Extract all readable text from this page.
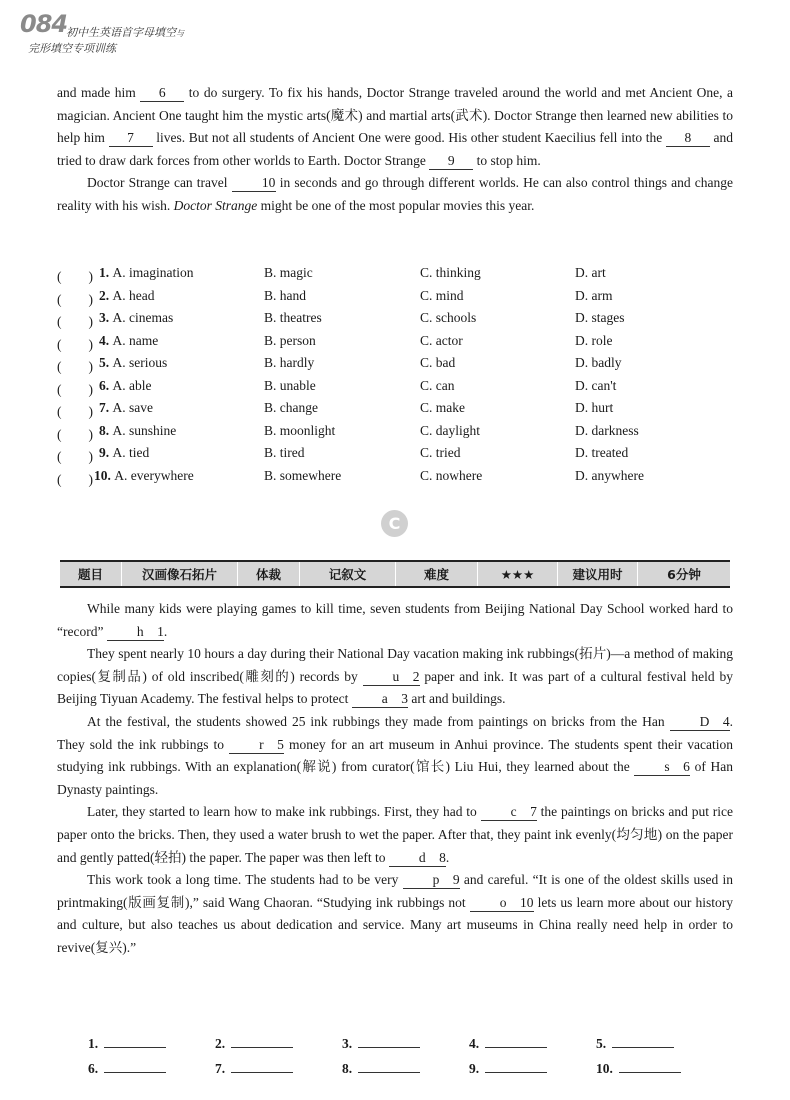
084
初中生英语首字母填空与
完形填空专项训练

and made him 6 to do surgery. To fix his hands, Doctor Strange traveled around the world and met Ancient One, a magician. Ancient One taught him the mystic arts(魔术) and martial arts(武术). Doctor Strange then learned new abilities to help him 7 lives. But not all students of Ancient One were good. His other student Kaecilius fell into the 8 and tried to draw dark forces from other worlds to Earth. Doctor Strange 9 to stop him.

Doctor Strange can travel 10 in seconds and go through different worlds. He can also control things and change reality with his wish. Doctor Strange might be one of the most popular movies this year.

(　　) 1. A. imagination	B. magic	C. thinking	D. art
(　　) 2. A. head	B. hand	C. mind	D. arm
(　　) 3. A. cinemas	B. theatres	C. schools	D. stages
(　　) 4. A. name	B. person	C. actor	D. role
(　　) 5. A. serious	B. hardly	C. bad	D. badly
(　　) 6. A. able	B. unable	C. can	D. can't
(　　) 7. A. save	B. change	C. make	D. hurt
(　　) 8. A. sunshine	B. moonlight	C. daylight	D. darkness
(　　) 9. A. tied	B. tired	C. tried	D. treated
(　　) 10. A. everywhere	B. somewhere	C. nowhere	D. anywhere
C
题目	汉画像石拓片	体裁	记叙文	难度	★★★	建议用时	6分钟

While many kids were playing games to kill time, seven students from Beijing National Day School worked hard to “record” h　1.

They spent nearly 10 hours a day during their National Day vacation making ink rubbings(拓片)—a method of making copies(复制品) of old inscribed(雕刻的) records by u　2 paper and ink. It was part of a cultural festival held by Beijing Tiyuan Academy. The festival helps to protect a　3 art and buildings.

At the festival, the students showed 25 ink rubbings they made from paintings on bricks from the Han D　4. They sold the ink rubbings to r　5 money for an art museum in Anhui province. The students spent their vacation studying ink rubbings. With an explanation(解说) from curator(馆长) Liu Hui, they learned about the s　6 of Han Dynasty paintings.

Later, they started to learn how to make ink rubbings. First, they had to c　7 the paintings on bricks and put rice paper onto the bricks. Then, they used a water brush to wet the paper. After that, they paint ink evenly(均匀地) on the paper and gently patted(轻拍) the paper. The paper was then left to d　8.

This work took a long time. The students had to be very p　9 and careful. “It is one of the oldest skills used in printmaking(版画复制),” said Wang Chaoran. “Studying ink rubbings not o　10 lets us learn more about our history and culture, but also teaches us about dedication and service. Many art museums in China really need help in order to revive(复兴).”

1.	2.	3.	4.	5.
6.	7.	8.	9.	10.
